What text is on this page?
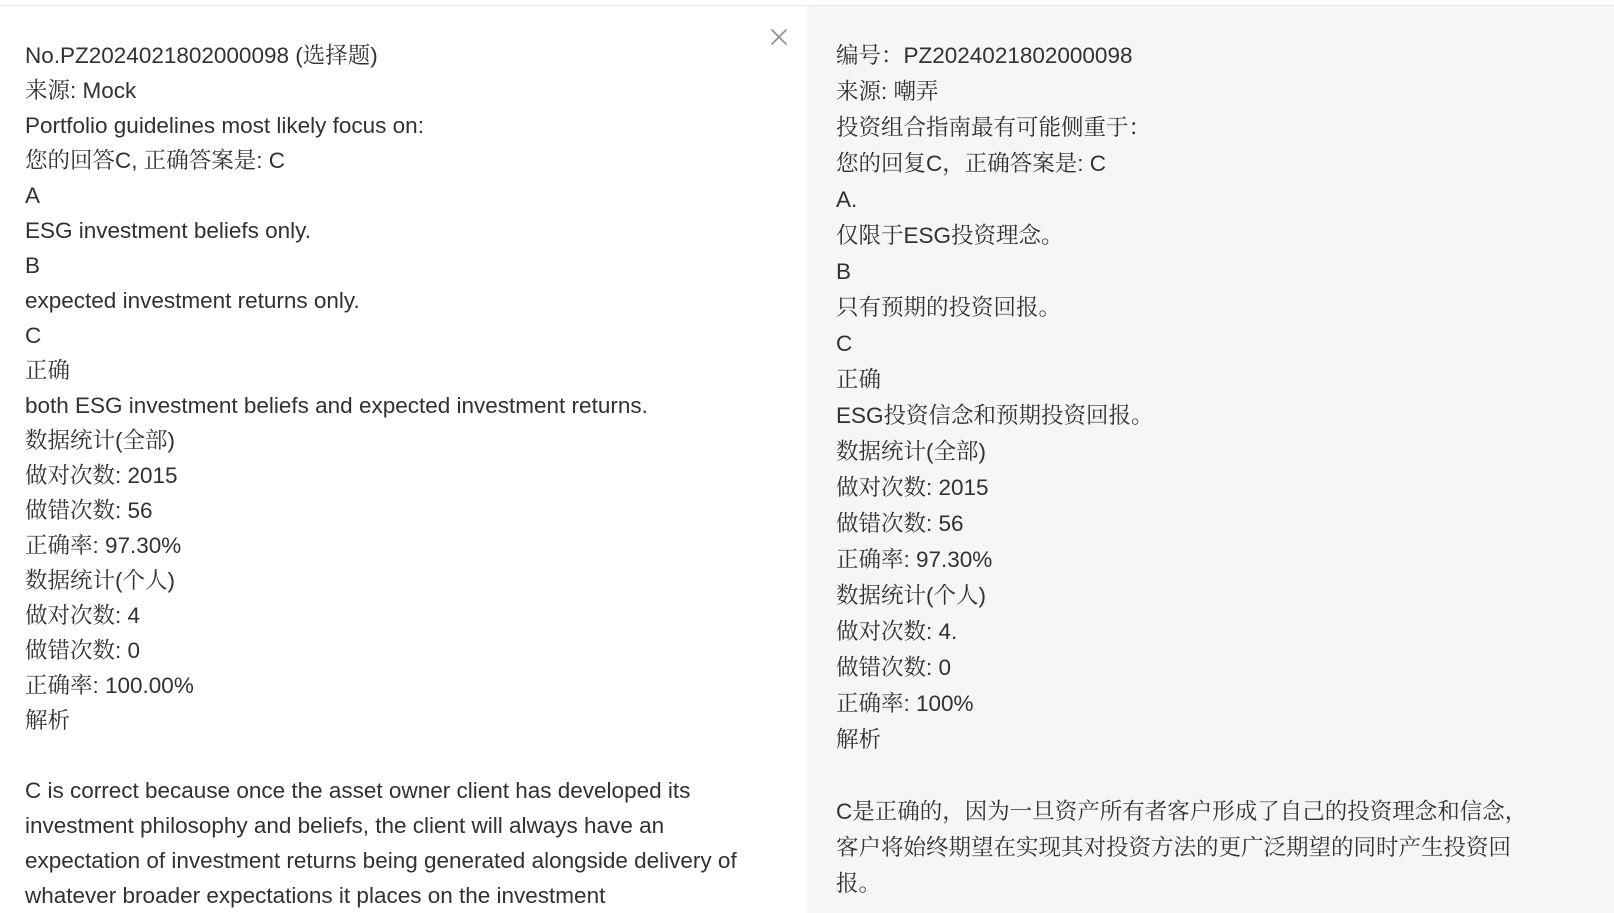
No.PZ2024021802000098 (选择题)
来源: Mock
Portfolio guidelines most likely focus on:
您的回答C, 正确答案是: C
A
ESG investment beliefs only.
B
expected investment returns only.
C
正确
both ESG investment beliefs and expected investment returns.
数据统计(全部)
做对次数: 2015
做错次数: 56
正确率: 97.30%
数据统计(个人)
做对次数: 4
做错次数: 0
正确率: 100.00%
解析
C is correct because once the asset owner client has developed its investment philosophy and beliefs, the client will always have an expectation of investment returns being generated alongside delivery of whatever broader expectations it places on the investment
编号：PZ2024021802000098
来源: 嘲弄
投资组合指南最有可能侧重于：
您的回复C，正确答案是: C
A.
仅限于ESG投资理念。
B
只有预期的投资回报。
C
正确
ESG投资信念和预期投资回报。
数据统计(全部)
做对次数: 2015
做错次数: 56
正确率: 97.30%
数据统计(个人)
做对次数: 4.
做错次数: 0
正确率: 100%
解析
C是正确的，因为一旦资产所有者客户形成了自己的投资理念和信念，客户将始终期望在实现其对投资方法的更广泛期望的同时产生投资回报。
